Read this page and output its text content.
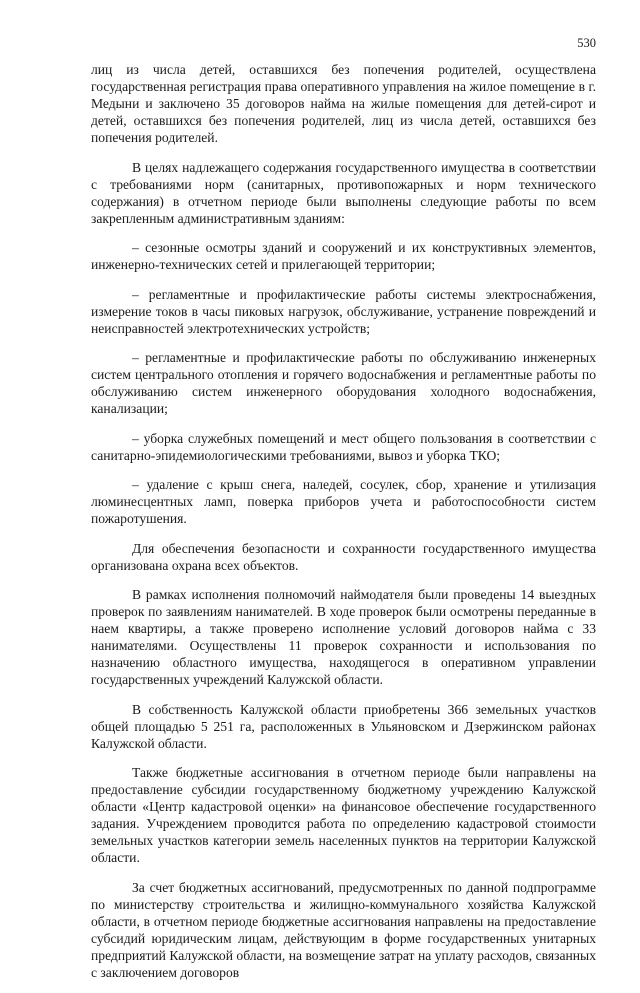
530

лиц из числа детей, оставшихся без попечения родителей, осуществлена государственная регистрация права оперативного управления на жилое помещение в г. Медыни и заключено 35 договоров найма на жилые помещения для детей-сирот и детей, оставшихся без попечения родителей, лиц из числа детей, оставшихся без попечения родителей.

В целях надлежащего содержания государственного имущества в соответствии с требованиями норм (санитарных, противопожарных и норм технического содержания) в отчетном периоде были выполнены следующие работы по всем закрепленным административным зданиям:

– сезонные осмотры зданий и сооружений и их конструктивных элементов, инженерно-технических сетей и прилегающей территории;

– регламентные и профилактические работы системы электроснабжения, измерение токов в часы пиковых нагрузок, обслуживание, устранение повреждений и неисправностей электротехнических устройств;

– регламентные и профилактические работы по обслуживанию инженерных систем центрального отопления и горячего водоснабжения и регламентные работы по обслуживанию систем инженерного оборудования холодного водоснабжения, канализации;

– уборка служебных помещений и мест общего пользования в соответствии с санитарно-эпидемиологическими требованиями, вывоз и уборка ТКО;

– удаление с крыш снега, наледей, сосулек, сбор, хранение и утилизация люминесцентных ламп, поверка приборов учета и работоспособности систем пожаротушения.

Для обеспечения безопасности и сохранности государственного имущества организована охрана всех объектов.

В рамках исполнения полномочий наймодателя были проведены 14 выездных проверок по заявлениям нанимателей. В ходе проверок были осмотрены переданные в наем квартиры, а также проверено исполнение условий договоров найма с 33 нанимателями. Осуществлены 11 проверок сохранности и использования по назначению областного имущества, находящегося в оперативном управлении государственных учреждений Калужской области.

В собственность Калужской области приобретены 366 земельных участков общей площадью 5 251 га, расположенных в Ульяновском и Дзержинском районах Калужской области.

Также бюджетные ассигнования в отчетном периоде были направлены на предоставление субсидии государственному бюджетному учреждению Калужской области «Центр кадастровой оценки» на финансовое обеспечение государственного задания. Учреждением проводится работа по определению кадастровой стоимости земельных участков категории земель населенных пунктов на территории Калужской области.

За счет бюджетных ассигнований, предусмотренных по данной подпрограмме по министерству строительства и жилищно-коммунального хозяйства Калужской области, в отчетном периоде бюджетные ассигнования направлены на предоставление субсидий юридическим лицам, действующим в форме государственных унитарных предприятий Калужской области, на возмещение затрат на уплату расходов, связанных с заключением договоров
